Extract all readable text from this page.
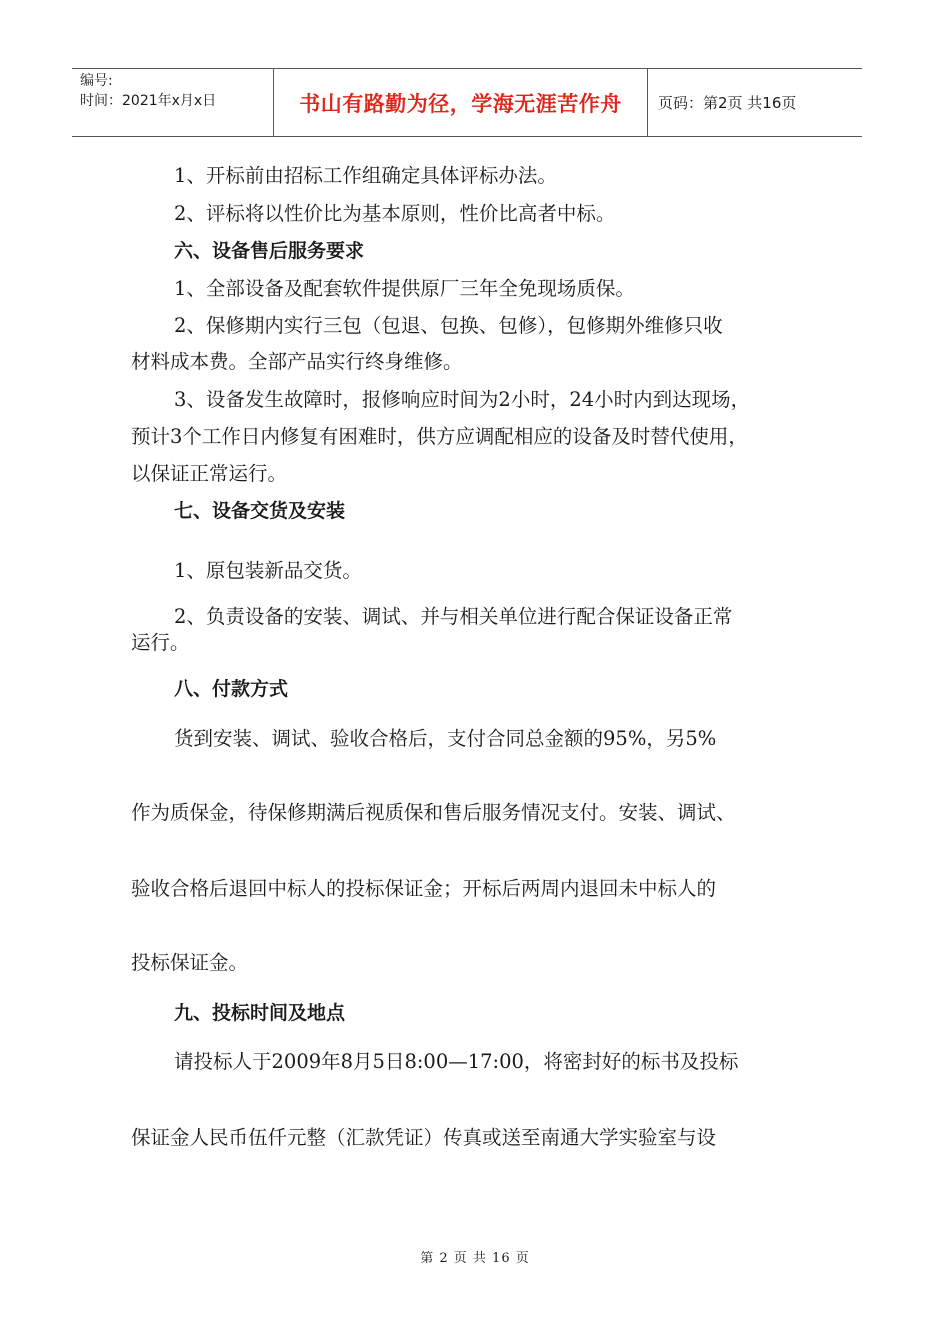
编号:
时间：2021年x月x日	书山有路勤为径，学海无涯苦作舟	页码：第2页 共16页
1、开标前由招标工作组确定具体评标办法。
2、评标将以性价比为基本原则，性价比高者中标。
六、设备售后服务要求
1、全部设备及配套软件提供原厂三年全免现场质保。
2、保修期内实行三包（包退、包换、包修），包修期外维修只收
材料成本费。全部产品实行终身维修。
3、设备发生故障时，报修响应时间为2小时，24小时内到达现场，
预计3个工作日内修复有困难时，供方应调配相应的设备及时替代使用，
以保证正常运行。
七、设备交货及安装
1、原包装新品交货。
2、负责设备的安装、调试、并与相关单位进行配合保证设备正常
运行。
八、付款方式
货到安装、调试、验收合格后，支付合同总金额的95%，另5%
作为质保金，待保修期满后视质保和售后服务情况支付。安装、调试、
验收合格后退回中标人的投标保证金；开标后两周内退回未中标人的
投标保证金。
九、投标时间及地点
请投标人于2009年8月5日8:00—17:00，将密封好的标书及投标
保证金人民币伍仟元整（汇款凭证）传真或送至南通大学实验室与设
第 2 页 共 16 页
